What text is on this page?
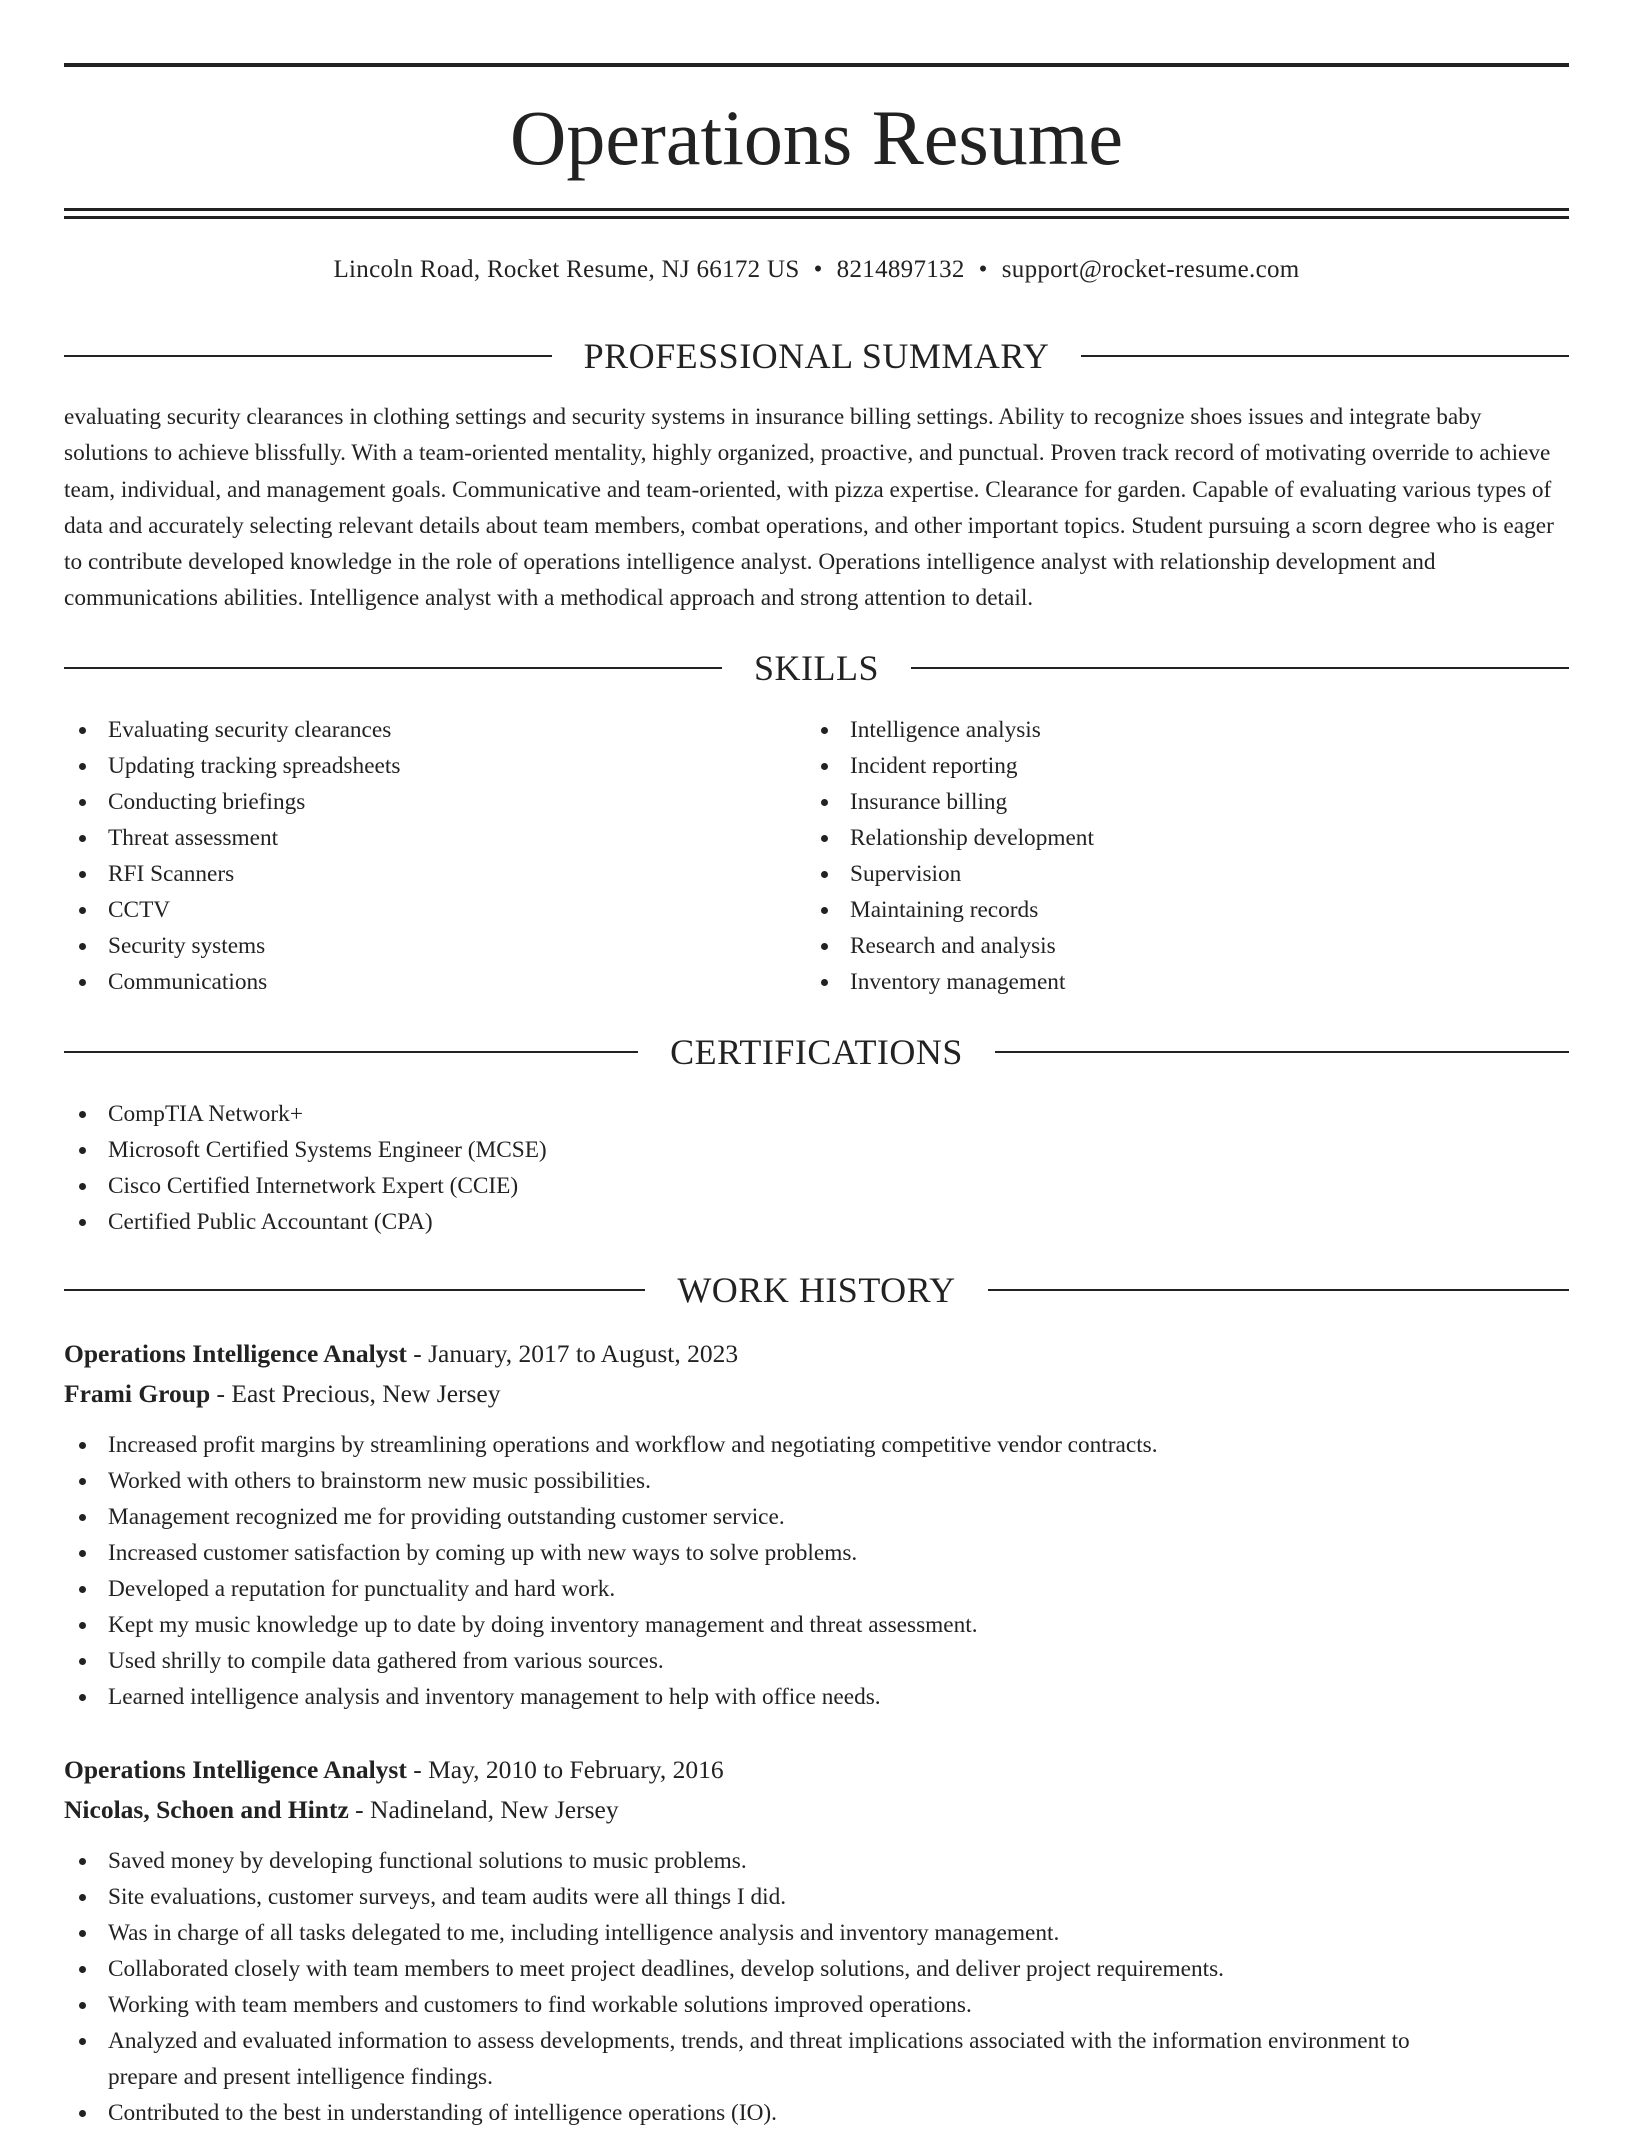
Operations Resume
Lincoln Road, Rocket Resume, NJ 66172 US • 8214897132 • support@rocket-resume.com
PROFESSIONAL SUMMARY

evaluating security clearances in clothing settings and security systems in insurance billing settings. Ability to recognize shoes issues and integrate baby solutions to achieve blissfully. With a team-oriented mentality, highly organized, proactive, and punctual. Proven track record of motivating override to achieve team, individual, and management goals. Communicative and team-oriented, with pizza expertise. Clearance for garden. Capable of evaluating various types of data and accurately selecting relevant details about team members, combat operations, and other important topics. Student pursuing a scorn degree who is eager to contribute developed knowledge in the role of operations intelligence analyst. Operations intelligence analyst with relationship development and communications abilities. Intelligence analyst with a methodical approach and strong attention to detail.

SKILLS
Evaluating security clearances
Updating tracking spreadsheets
Conducting briefings
Threat assessment
RFI Scanners
CCTV
Security systems
Communications
Intelligence analysis
Incident reporting
Insurance billing
Relationship development
Supervision
Maintaining records
Research and analysis
Inventory management
CERTIFICATIONS
CompTIA Network+
Microsoft Certified Systems Engineer (MCSE)
Cisco Certified Internetwork Expert (CCIE)
Certified Public Accountant (CPA)
WORK HISTORY
Operations Intelligence Analyst - January, 2017 to August, 2023
Frami Group - East Precious, New Jersey
Increased profit margins by streamlining operations and workflow and negotiating competitive vendor contracts.
Worked with others to brainstorm new music possibilities.
Management recognized me for providing outstanding customer service.
Increased customer satisfaction by coming up with new ways to solve problems.
Developed a reputation for punctuality and hard work.
Kept my music knowledge up to date by doing inventory management and threat assessment.
Used shrilly to compile data gathered from various sources.
Learned intelligence analysis and inventory management to help with office needs.
Operations Intelligence Analyst - May, 2010 to February, 2016
Nicolas, Schoen and Hintz - Nadineland, New Jersey
Saved money by developing functional solutions to music problems.
Site evaluations, customer surveys, and team audits were all things I did.
Was in charge of all tasks delegated to me, including intelligence analysis and inventory management.
Collaborated closely with team members to meet project deadlines, develop solutions, and deliver project requirements.
Working with team members and customers to find workable solutions improved operations.
Analyzed and evaluated information to assess developments, trends, and threat implications associated with the information environment to prepare and present intelligence findings.
Contributed to the best in understanding of intelligence operations (IO).
